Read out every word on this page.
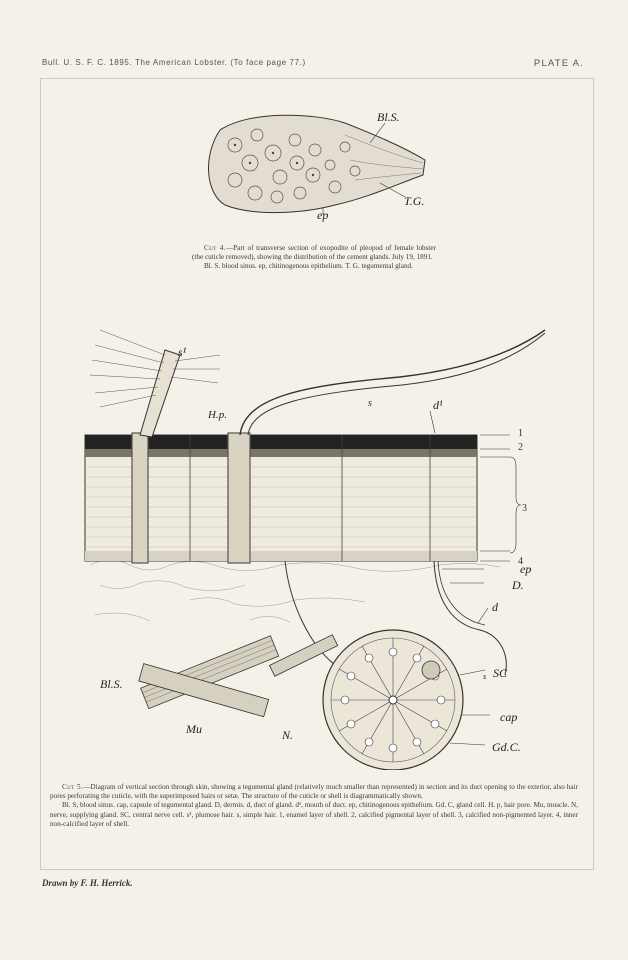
Bull. U. S. F. C. 1895. The American Lobster. (To face page 77.)	PLATE A.
Bl.S.
T.G.
ep

Cut 4.—Part of transverse section of exopodite of pleopod of female lobster (the cuticle removed), showing the distribution of the cement glands. July 19, 1891.

Bl. S. blood sinus. ep, chitinogenous epithelium. T. G. tegumental gland.

s¹
H.p.
s	d¹
1
2
3
4
ep
D.
d
SC
s
cap
Gd.C.
Bl.S.
Mu	N.

Cut 5.—Diagram of vertical section through skin, showing a tegumental gland (relatively much smaller than represented) in section and its duct opening to the exterior, also hair pores perforating the cuticle, with the superimposed hairs or setæ. The structure of the cuticle or shell is diagrammatically shown.

Bl. S, blood sinus. cap, capsule of tegumental gland. D, dermis. d, duct of gland. d¹, mouth of duct. ep, chitinogenous epithelium. Gd. C, gland cell. H. p, hair pore. Mu, muscle. N, nerve, supplying gland. SC, central nerve cell. s¹, plumose hair. s, simple hair. 1, enamel layer of shell. 2, calcified pigmental layer of shell. 3, calcified non-pigmented layer. 4, inner non-calcified layer of shell.

Drawn by F. H. Herrick.
